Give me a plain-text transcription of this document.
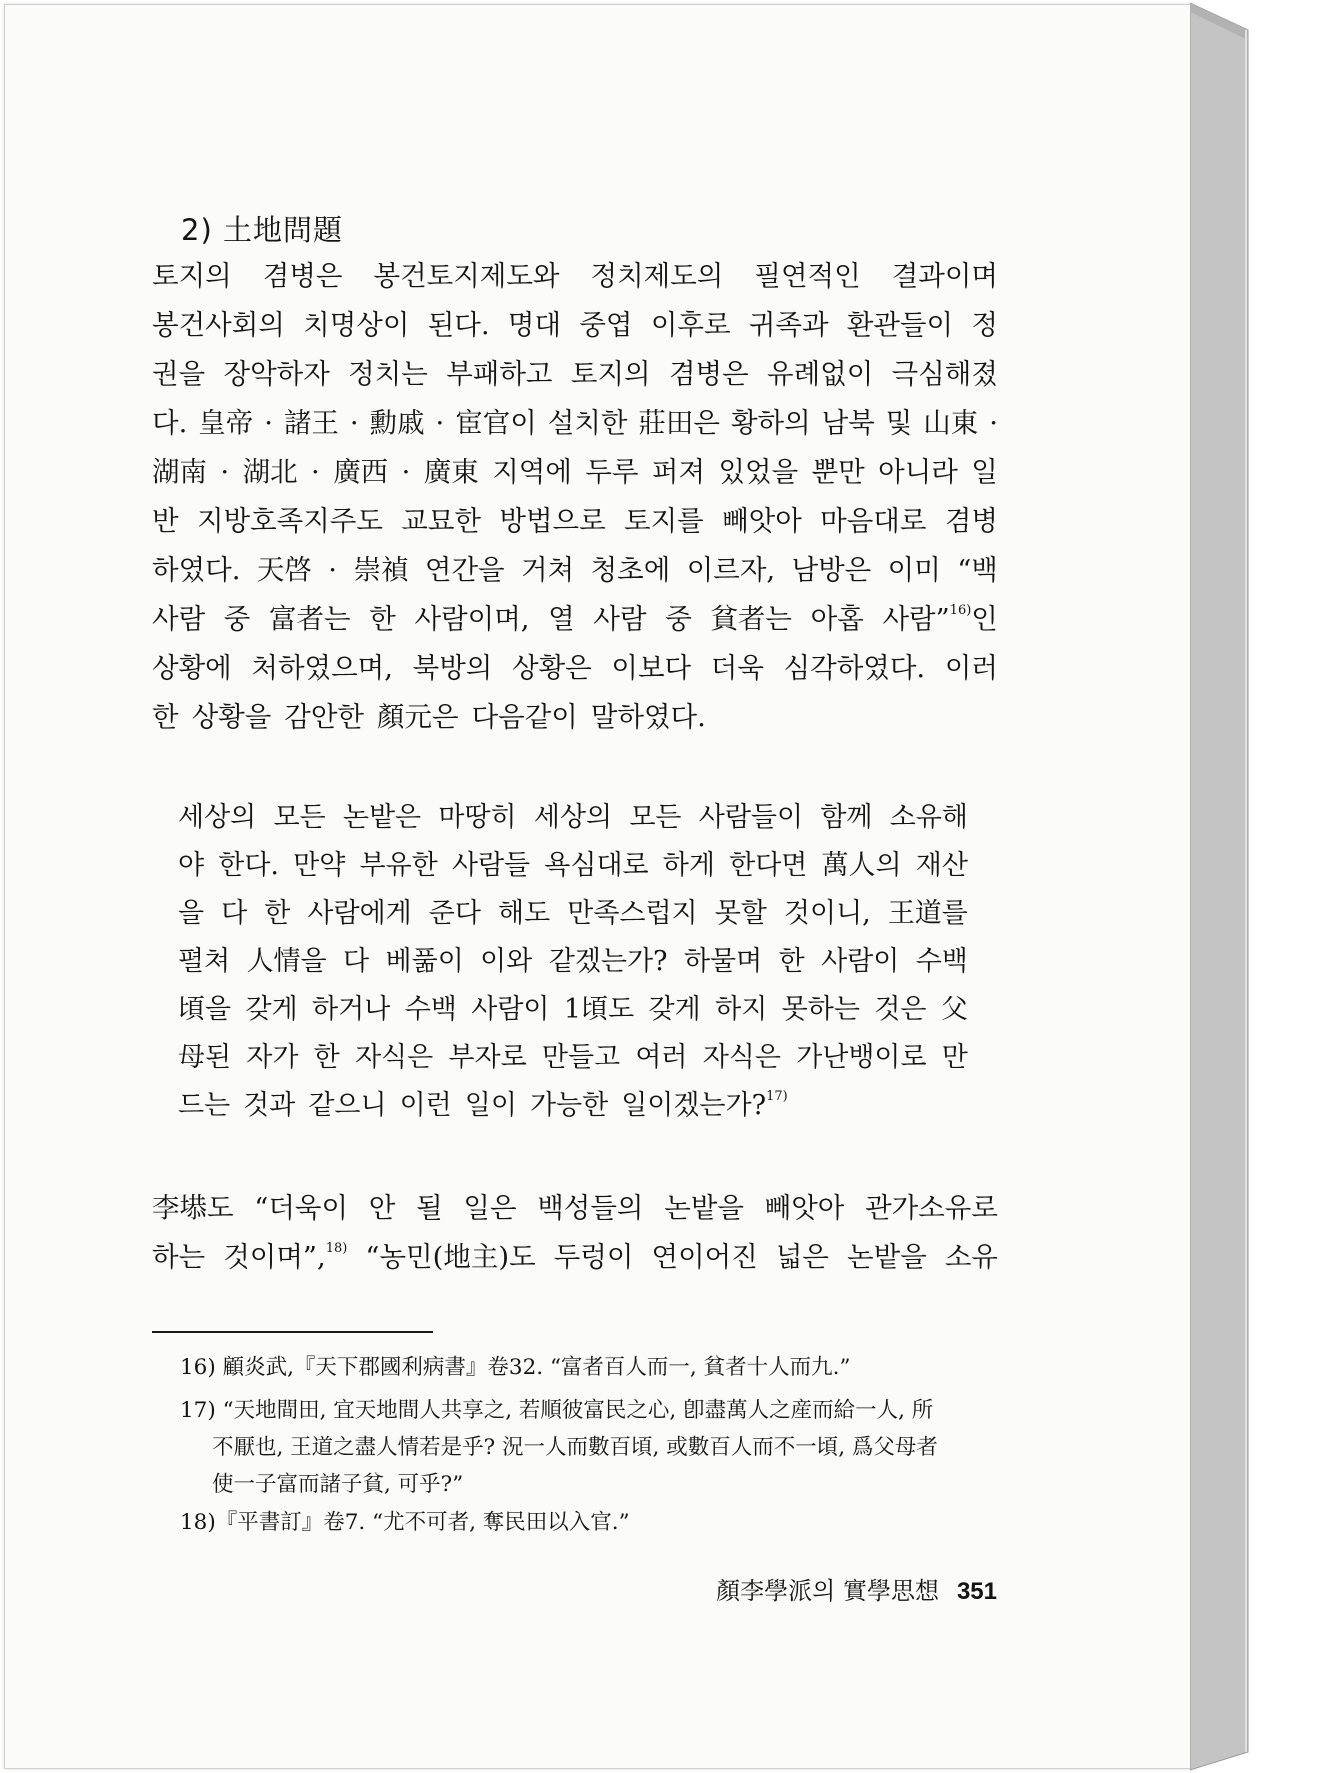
2) 土地問題
토지의 겸병은 봉건토지제도와 정치제도의 필연적인 결과이며
봉건사회의 치명상이 된다. 명대 중엽 이후로 귀족과 환관들이 정
권을 장악하자 정치는 부패하고 토지의 겸병은 유례없이 극심해졌
다. 皇帝 · 諸王 · 勳戚 · 宦官이 설치한 莊田은 황하의 남북 및 山東 ·
湖南 · 湖北 · 廣西 · 廣東 지역에 두루 퍼져 있었을 뿐만 아니라 일
반 지방호족지주도 교묘한 방법으로 토지를 빼앗아 마음대로 겸병
하였다. 天啓 · 崇禎 연간을 거쳐 청초에 이르자, 남방은 이미 “백
사람 중 富者는 한 사람이며, 열 사람 중 貧者는 아홉 사람”$^{16)}$인
상황에 처하였으며, 북방의 상황은 이보다 더욱 심각하였다. 이러
한 상황을 감안한 顏元은 다음같이 말하였다.
세상의 모든 논밭은 마땅히 세상의 모든 사람들이 함께 소유해
야 한다. 만약 부유한 사람들 욕심대로 하게 한다면 萬人의 재산
을 다 한 사람에게 준다 해도 만족스럽지 못할 것이니, 王道를
펼쳐 人情을 다 베풂이 이와 같겠는가? 하물며 한 사람이 수백
頃을 갖게 하거나 수백 사람이 1頃도 갖게 하지 못하는 것은 父
母된 자가 한 자식은 부자로 만들고 여러 자식은 가난뱅이로 만
드는 것과 같으니 이런 일이 가능한 일이겠는가?$^{17)}$
李塨도 “더욱이 안 될 일은 백성들의 논밭을 빼앗아 관가소유로
하는 것이며”,$^{18)}$ “농민(地主)도 두렁이 연이어진 넓은 논밭을 소유
16) 顧炎武,『天下郡國利病書』卷32. “富者百人而一, 貧者十人而九.”
17) “天地間田, 宜天地間人共享之, 若順彼富民之心, 卽盡萬人之産而給一人, 所
不厭也, 王道之盡人情若是乎? 況一人而數百頃, 或數百人而不一頃, 爲父母者
使一子富而諸子貧, 可乎?”
18)『平書訂』卷7. “尤不可者, 奪民田以入官.”
顏李學派의 實學思想 351
